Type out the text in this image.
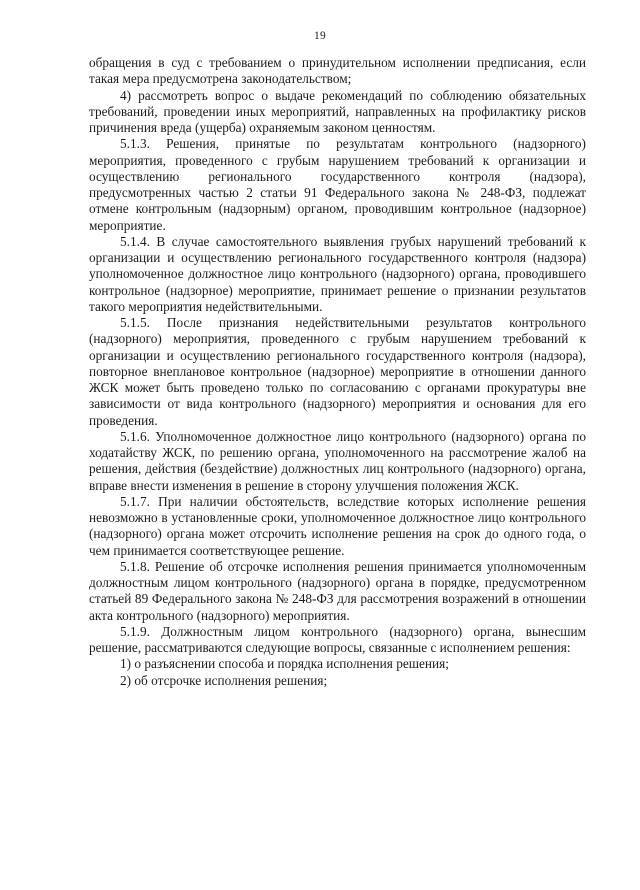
19

обращения в суд с требованием о принудительном исполнении предписания, если такая мера предусмотрена законодательством;

4) рассмотреть вопрос о выдаче рекомендаций по соблюдению обязательных требований, проведении иных мероприятий, направленных на профилактику рисков причинения вреда (ущерба) охраняемым законом ценностям.

5.1.3. Решения, принятые по результатам контрольного (надзорного) мероприятия, проведенного с грубым нарушением требований к организации и осуществлению регионального государственного контроля (надзора), предусмотренных частью 2 статьи 91 Федерального закона № 248-ФЗ, подлежат отмене контрольным (надзорным) органом, проводившим контрольное (надзорное) мероприятие.

5.1.4. В случае самостоятельного выявления грубых нарушений требований к организации и осуществлению регионального государственного контроля (надзора) уполномоченное должностное лицо контрольного (надзорного) органа, проводившего контрольное (надзорное) мероприятие, принимает решение о признании результатов такого мероприятия недействительными.

5.1.5. После признания недействительными результатов контрольного (надзорного) мероприятия, проведенного с грубым нарушением требований к организации и осуществлению регионального государственного контроля (надзора), повторное внеплановое контрольное (надзорное) мероприятие в отношении данного ЖСК может быть проведено только по согласованию с органами прокуратуры вне зависимости от вида контрольного (надзорного) мероприятия и основания для его проведения.

5.1.6. Уполномоченное должностное лицо контрольного (надзорного) органа по ходатайству ЖСК, по решению органа, уполномоченного на рассмотрение жалоб на решения, действия (бездействие) должностных лиц контрольного (надзорного) органа, вправе внести изменения в решение в сторону улучшения положения ЖСК.

5.1.7. При наличии обстоятельств, вследствие которых исполнение решения невозможно в установленные сроки, уполномоченное должностное лицо контрольного (надзорного) органа может отсрочить исполнение решения на срок до одного года, о чем принимается соответствующее решение.

5.1.8. Решение об отсрочке исполнения решения принимается уполномоченным должностным лицом контрольного (надзорного) органа в порядке, предусмотренном статьей 89 Федерального закона № 248-ФЗ для рассмотрения возражений в отношении акта контрольного (надзорного) мероприятия.

5.1.9. Должностным лицом контрольного (надзорного) органа, вынесшим решение, рассматриваются следующие вопросы, связанные с исполнением решения:

1) о разъяснении способа и порядка исполнения решения;

2) об отсрочке исполнения решения;
